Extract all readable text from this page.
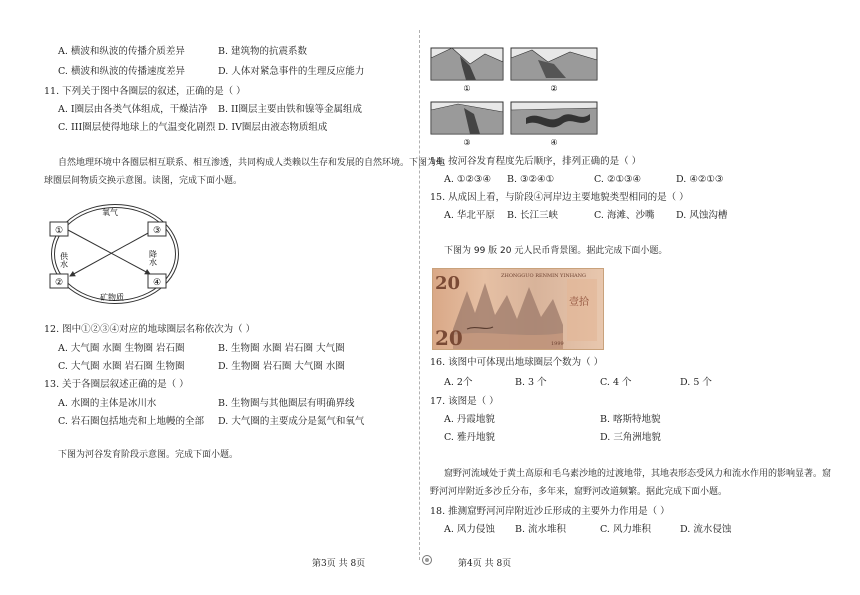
A. 横波和纵波的传播介质差异	B. 建筑物的抗震系数
C. 横波和纵波的传播速度差异	D. 人体对紧急事件的生理反应能力
11. 下列关于图中各圈层的叙述，正确的是（ ）
A. I圈层由各类气体组成，干燥洁净 B. II圈层主要由铁和镍等金属组成
C. III圈层使得地球上的气温变化剧烈 D. IV圈层由液态物质组成
自然地理环境中各圈层相互联系、相互渗透，共同构成人类赖以生存和发展的自然环境。下图为地
球圈层间物质交换示意图。读图，完成下面小题。
①
②
③
④
氧气
矿物质
供水	降水
12. 图中①②③④对应的地球圈层名称依次为（ ）
A. 大气圈 水圈 生物圈 岩石圈	B. 生物圈 水圈 岩石圈 大气圈
C. 大气圈 水圈 岩石圈 生物圈	D. 生物圈 岩石圈 大气圈 水圈
13. 关于各圈层叙述正确的是（ ）
A. 水圈的主体是冰川水	B. 生物圈与其他圈层有明确界线
C. 岩石圈包括地壳和上地幔的全部 D. 大气圈的主要成分是氮气和氧气
下图为河谷发育阶段示意图。完成下面小题。
第3页 共 8页
①	②
③	④
14. 按河谷发育程度先后顺序，排列正确的是（ ）
A. ①②③④ B. ③②④①	C. ②①③④	D. ④②①③
15. 从成因上看，与阶段④河岸边主要地貌类型相同的是（ ）
A. 华北平原 B. 长江三峡	C. 海滩、沙嘴 D. 风蚀沟槽
下图为 99 版 20 元人民币背景图。据此完成下面小题。
20
20
ZHONGGUO RENMIN YINHANG
壹拾
1999
16. 该图中可体现出地球圈层个数为（ ）
A. 2个	B. 3 个	C. 4 个	D. 5 个
17. 该图是（ ）
A. 丹霞地貌	B. 喀斯特地貌
C. 雅丹地貌	D. 三角洲地貌
窟野河流域处于黄土高原和毛乌素沙地的过渡地带，其地表形态受风力和流水作用的影响显著。窟
野河河岸附近多沙丘分布，多年来，窟野河改道频繁。据此完成下面小题。
18. 推测窟野河河岸附近沙丘形成的主要外力作用是（ ）
A. 风力侵蚀 B. 流水堆积	C. 风力堆积	D. 流水侵蚀
第4页 共 8页
